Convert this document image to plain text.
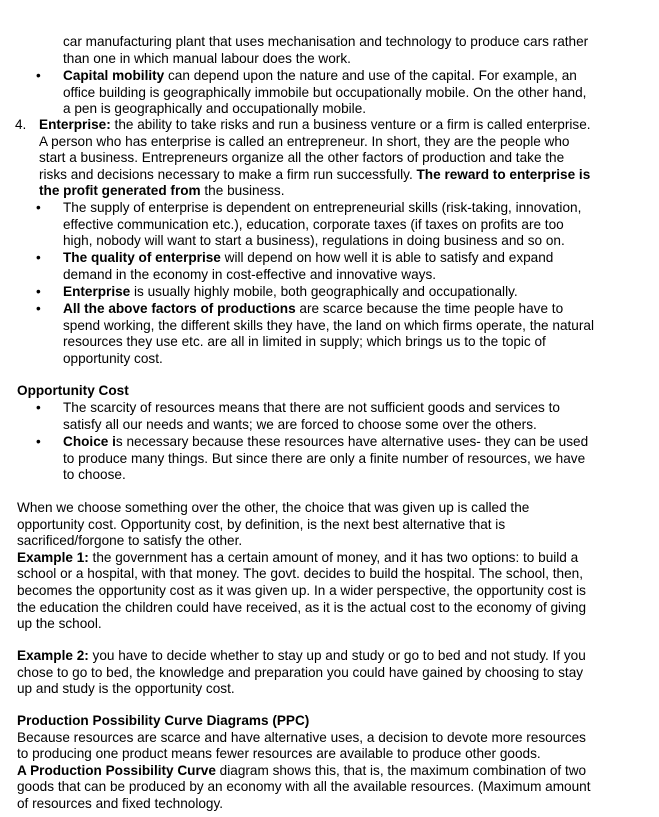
car manufacturing plant that uses mechanisation and technology to produce cars rather
than one in which manual labour does the work.
• Capital mobility can depend upon the nature and use of the capital. For example, an
office building is geographically immobile but occupationally mobile. On the other hand,
a pen is geographically and occupationally mobile.
4. Enterprise: the ability to take risks and run a business venture or a firm is called enterprise.
A person who has enterprise is called an entrepreneur. In short, they are the people who
start a business. Entrepreneurs organize all the other factors of production and take the
risks and decisions necessary to make a firm run successfully. The reward to enterprise is
the profit generated from the business.
• The supply of enterprise is dependent on entrepreneurial skills (risk-taking, innovation,
effective communication etc.), education, corporate taxes (if taxes on profits are too
high, nobody will want to start a business), regulations in doing business and so on.
• The quality of enterprise will depend on how well it is able to satisfy and expand
demand in the economy in cost-effective and innovative ways.
• Enterprise is usually highly mobile, both geographically and occupationally.
• All the above factors of productions are scarce because the time people have to
spend working, the different skills they have, the land on which firms operate, the natural
resources they use etc. are all in limited in supply; which brings us to the topic of
opportunity cost.
Opportunity Cost
• The scarcity of resources means that there are not sufficient goods and services to
satisfy all our needs and wants; we are forced to choose some over the others.
• Choice is necessary because these resources have alternative uses- they can be used
to produce many things. But since there are only a finite number of resources, we have
to choose.
When we choose something over the other, the choice that was given up is called the
opportunity cost. Opportunity cost, by definition, is the next best alternative that is
sacrificed/forgone to satisfy the other.
Example 1: the government has a certain amount of money, and it has two options: to build a
school or a hospital, with that money. The govt. decides to build the hospital. The school, then,
becomes the opportunity cost as it was given up. In a wider perspective, the opportunity cost is
the education the children could have received, as it is the actual cost to the economy of giving
up the school.
Example 2: you have to decide whether to stay up and study or go to bed and not study. If you
chose to go to bed, the knowledge and preparation you could have gained by choosing to stay
up and study is the opportunity cost.
Production Possibility Curve Diagrams (PPC)
Because resources are scarce and have alternative uses, a decision to devote more resources
to producing one product means fewer resources are available to produce other goods.
A Production Possibility Curve diagram shows this, that is, the maximum combination of two
goods that can be produced by an economy with all the available resources. (Maximum amount
of resources and fixed technology.
